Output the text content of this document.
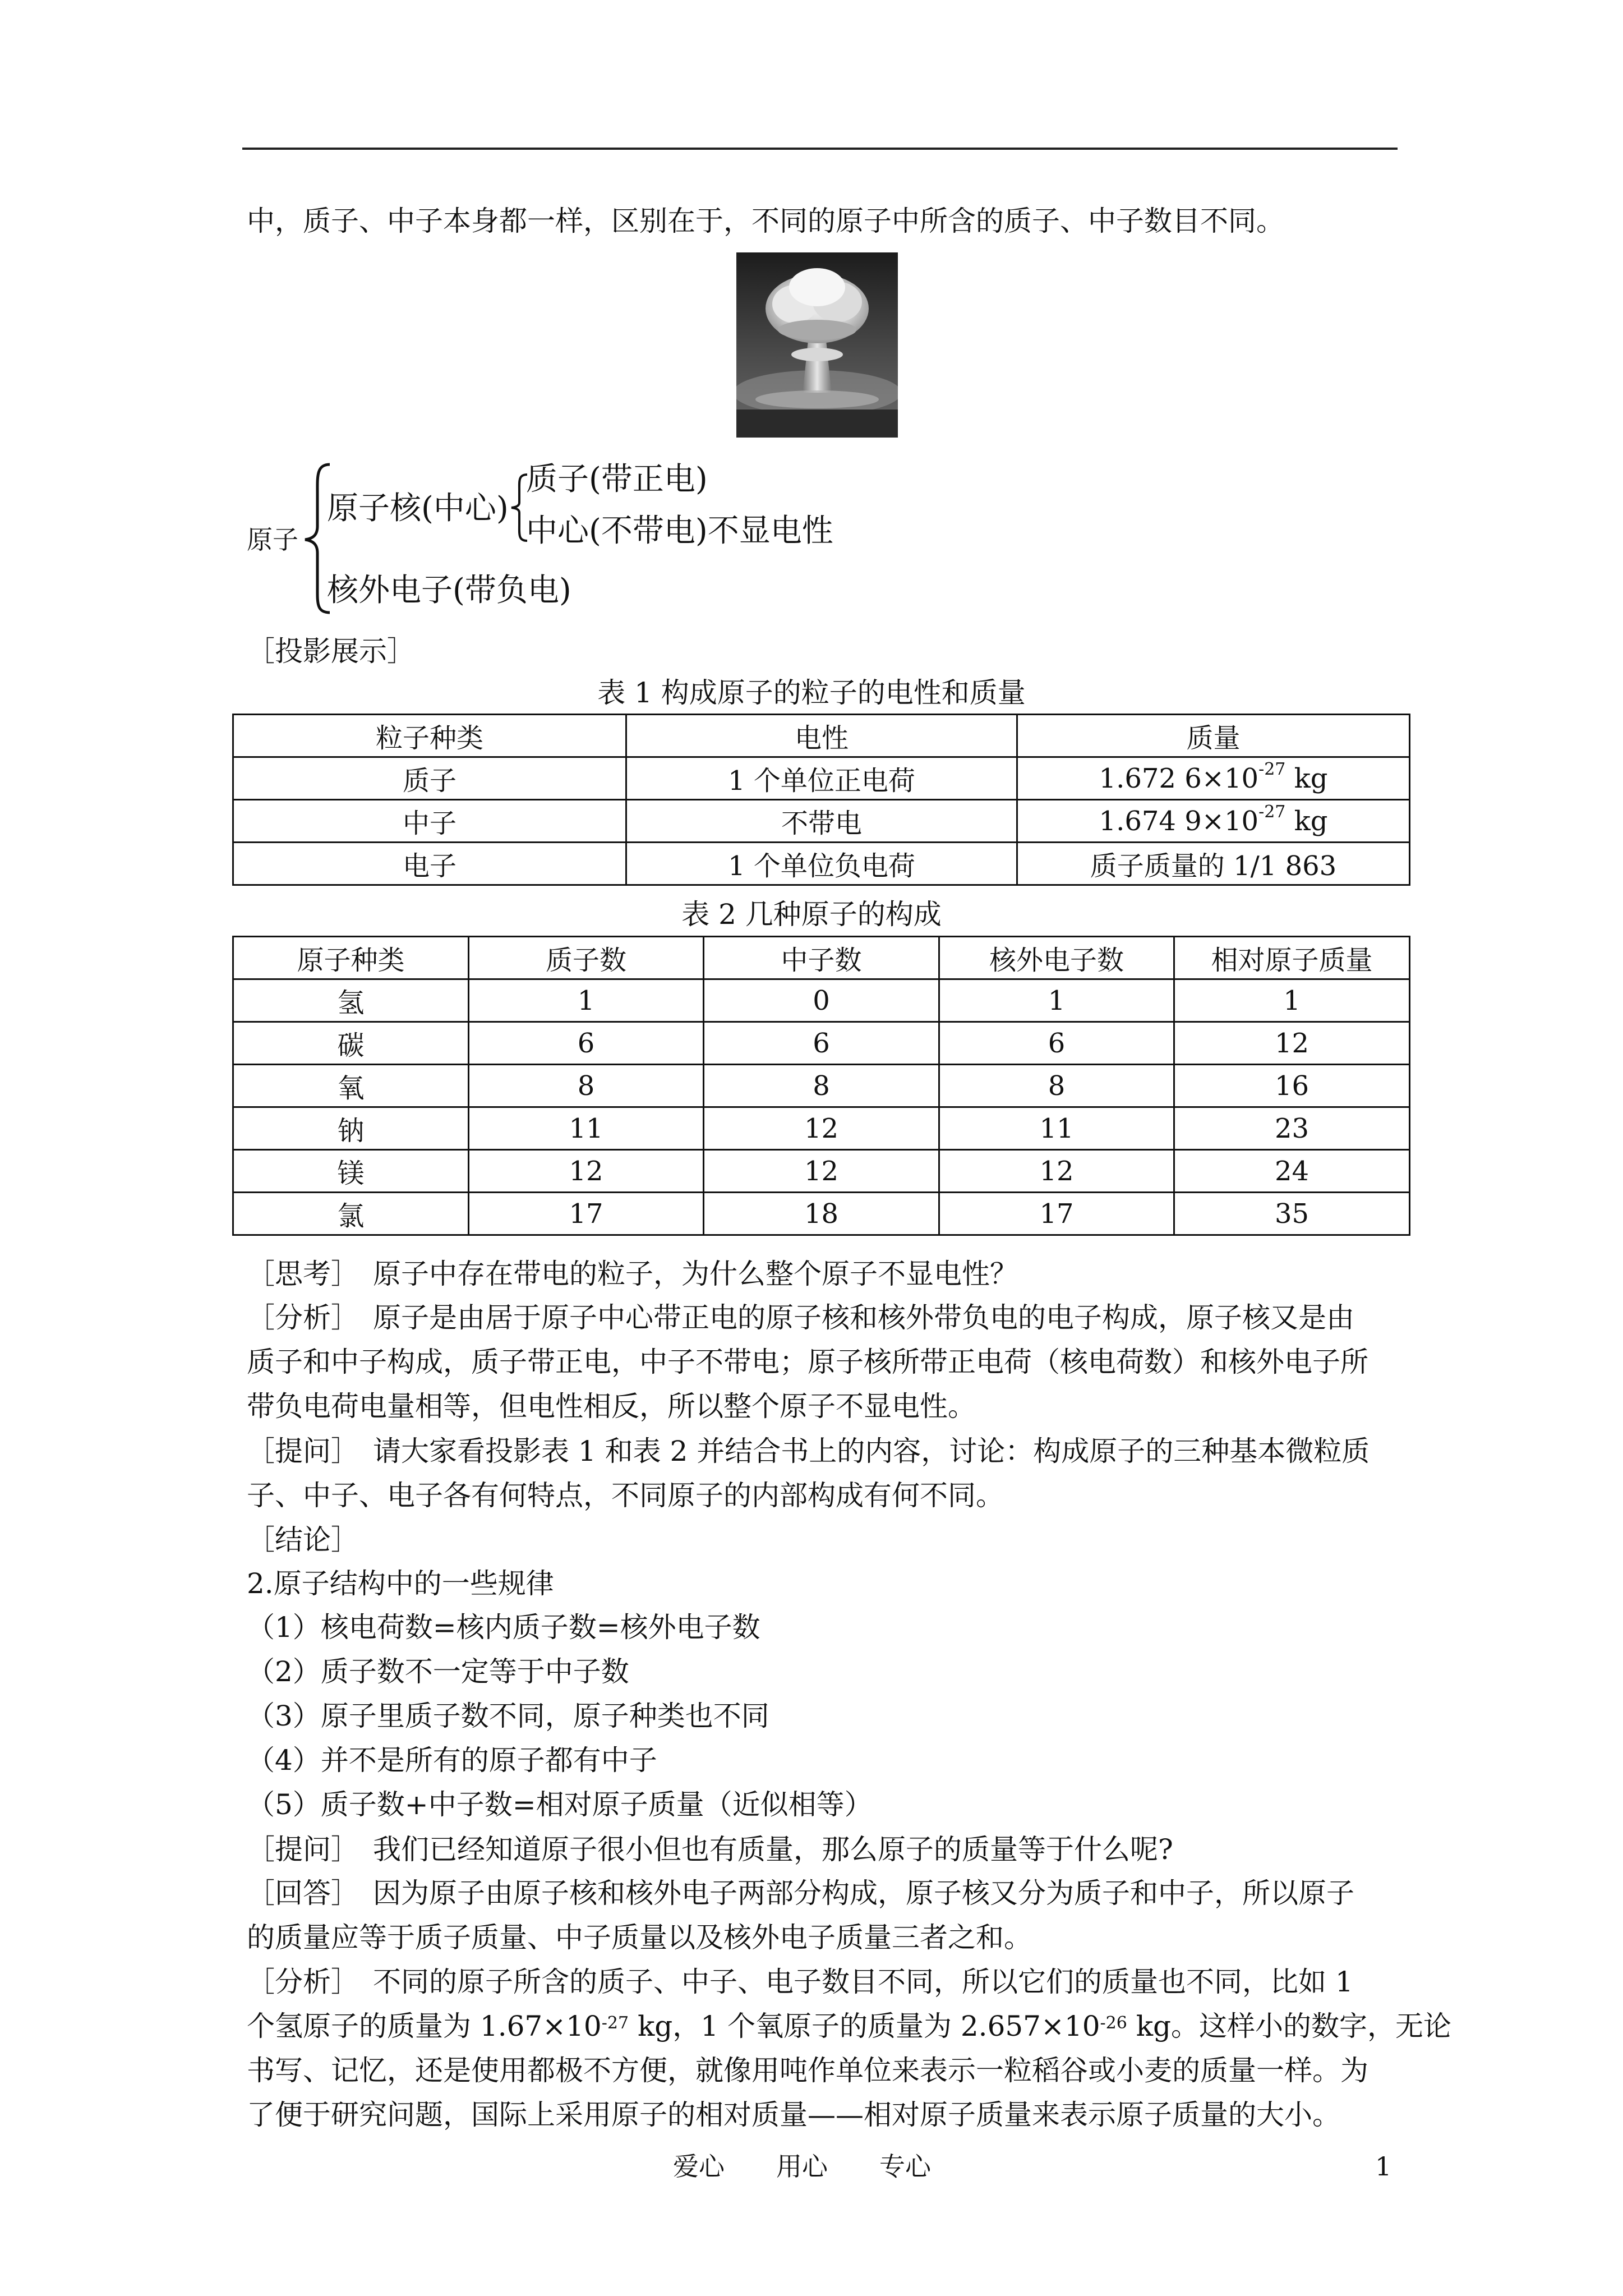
中，质子、中子本身都一样，区别在于，不同的原子中所含的质子、中子数目不同。
原子
原子核(中心)
质子(带正电)
中心(不带电)不显电性
核外电子(带负电)
［投影展示］
表 1 构成原子的粒子的电性和质量
粒子种类	电性	质量
质子	1 个单位正电荷	1.672 $6\times 10^{-27}$ kg
中子	不带电	1.674 $9\times 10^{-27}$ kg
电子	1 个单位负电荷	质子质量的 1/1 863
表 2 几种原子的构成
原子种类	质子数	中子数	核外电子数	相对原子质量
氢	1	0	1	1
碳	6	6	6	12
氧	8	8	8	16
钠	11	12	11	23
镁	12	12	12	24
氯	17	18	17	35
［思考］　原子中存在带电的粒子，为什么整个原子不显电性？
［分析］　原子是由居于原子中心带正电的原子核和核外带负电的电子构成，原子核又是由
质子和中子构成，质子带正电，中子不带电；原子核所带正电荷（核电荷数）和核外电子所
带负电荷电量相等，但电性相反，所以整个原子不显电性。
［提问］　请大家看投影表 1 和表 2 并结合书上的内容，讨论：构成原子的三种基本微粒质
子、中子、电子各有何特点，不同原子的内部构成有何不同。
［结论］
2.原子结构中的一些规律
（1）核电荷数=核内质子数=核外电子数
（2）质子数不一定等于中子数
（3）原子里质子数不同，原子种类也不同
（4）并不是所有的原子都有中子
（5）质子数+中子数=相对原子质量（近似相等）
［提问］　我们已经知道原子很小但也有质量，那么原子的质量等于什么呢?
［回答］　因为原子由原子核和核外电子两部分构成，原子核又分为质子和中子，所以原子
的质量应等于质子质量、中子质量以及核外电子质量三者之和。
［分析］　不同的原子所含的质子、中子、电子数目不同，所以它们的质量也不同，比如 1
个氢原子的质量为 $1.67\times 10^{-27}$ kg，1 个氧原子的质量为 $2.657\times 10^{-26}$ kg。这样小的数字，无论
书写、记忆，还是使用都极不方便，就像用吨作单位来表示一粒稻谷或小麦的质量一样。为
了便于研究问题，国际上采用原子的相对质量——相对原子质量来表示原子质量的大小。
爱心　　用心　　专心	1
